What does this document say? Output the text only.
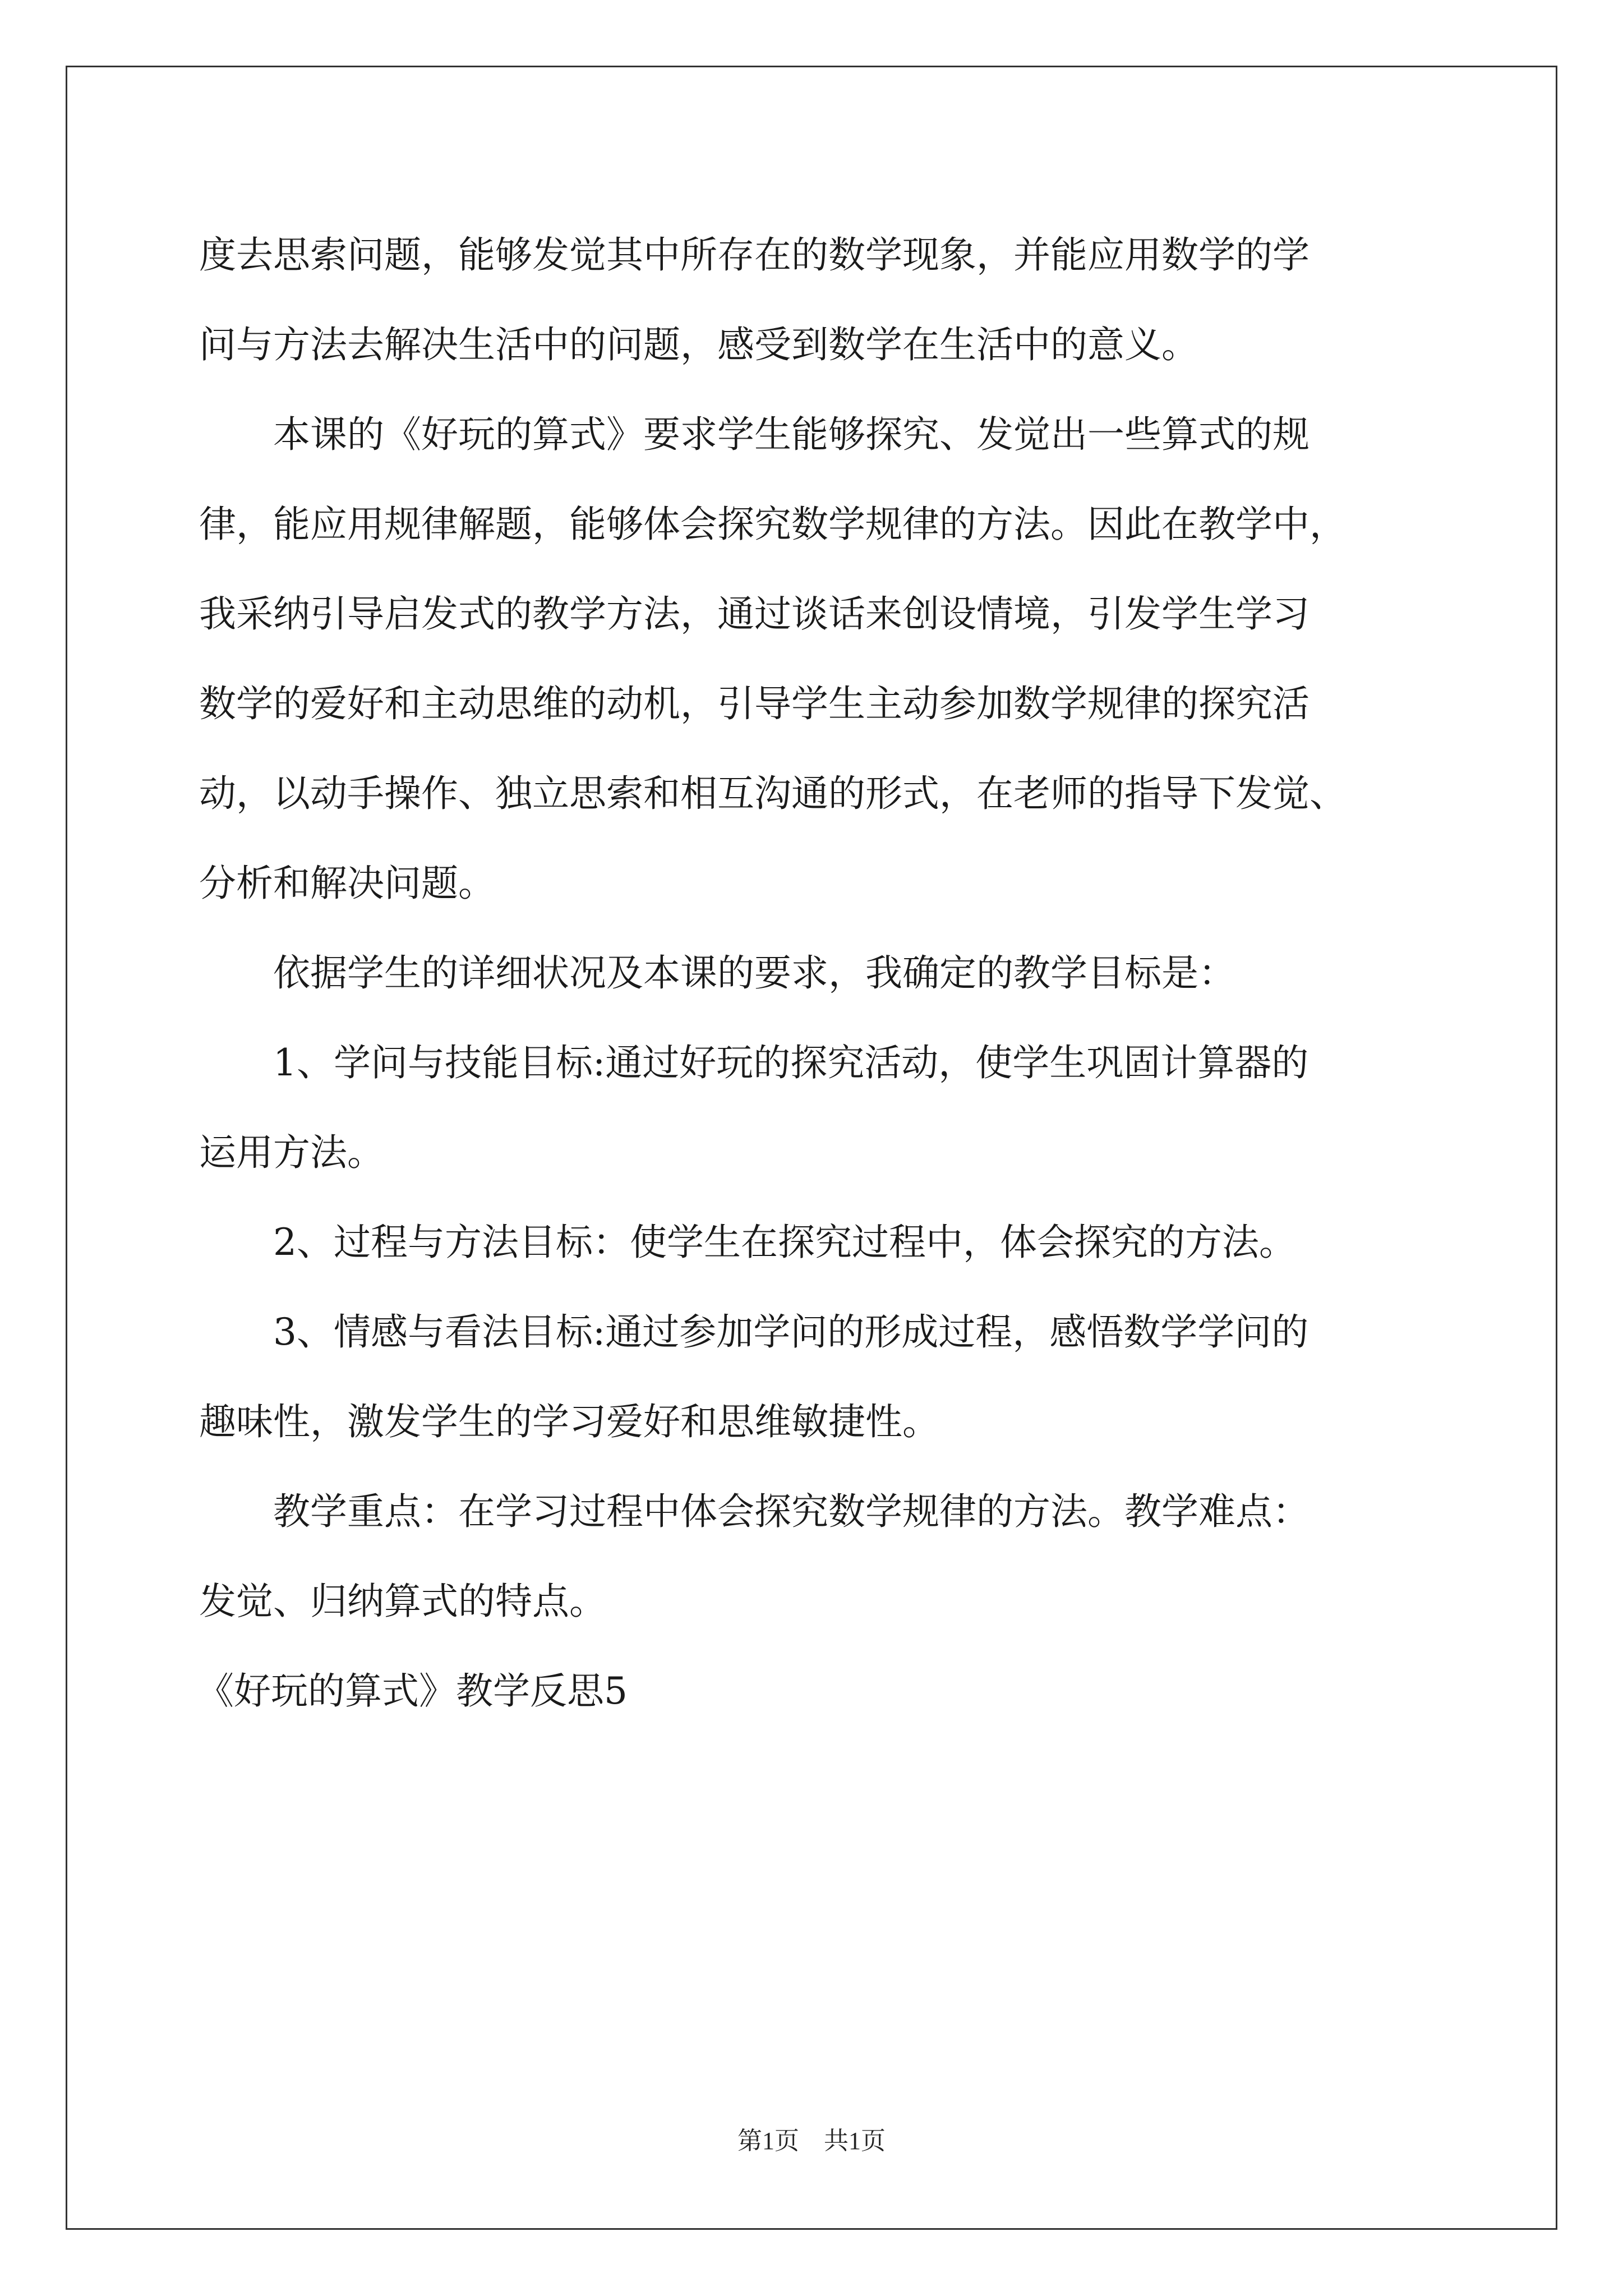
度去思索问题，能够发觉其中所存在的数学现象，并能应用数学的学
问与方法去解决生活中的问题，感受到数学在生活中的意义。
　　本课的《好玩的算式》要求学生能够探究、发觉出一些算式的规
律，能应用规律解题，能够体会探究数学规律的方法。因此在教学中，
我采纳引导启发式的教学方法，通过谈话来创设情境，引发学生学习
数学的爱好和主动思维的动机，引导学生主动参加数学规律的探究活
动，以动手操作、独立思索和相互沟通的形式，在老师的指导下发觉、
分析和解决问题。
　　依据学生的详细状况及本课的要求，我确定的教学目标是：
　　1、学问与技能目标:通过好玩的探究活动，使学生巩固计算器的
运用方法。
　　2、过程与方法目标：使学生在探究过程中，体会探究的方法。
　　3、情感与看法目标:通过参加学问的形成过程，感悟数学学问的
趣味性，激发学生的学习爱好和思维敏捷性。
　　教学重点：在学习过程中体会探究数学规律的方法。教学难点：
发觉、归纳算式的特点。
《好玩的算式》教学反思5
第1页　共1页
